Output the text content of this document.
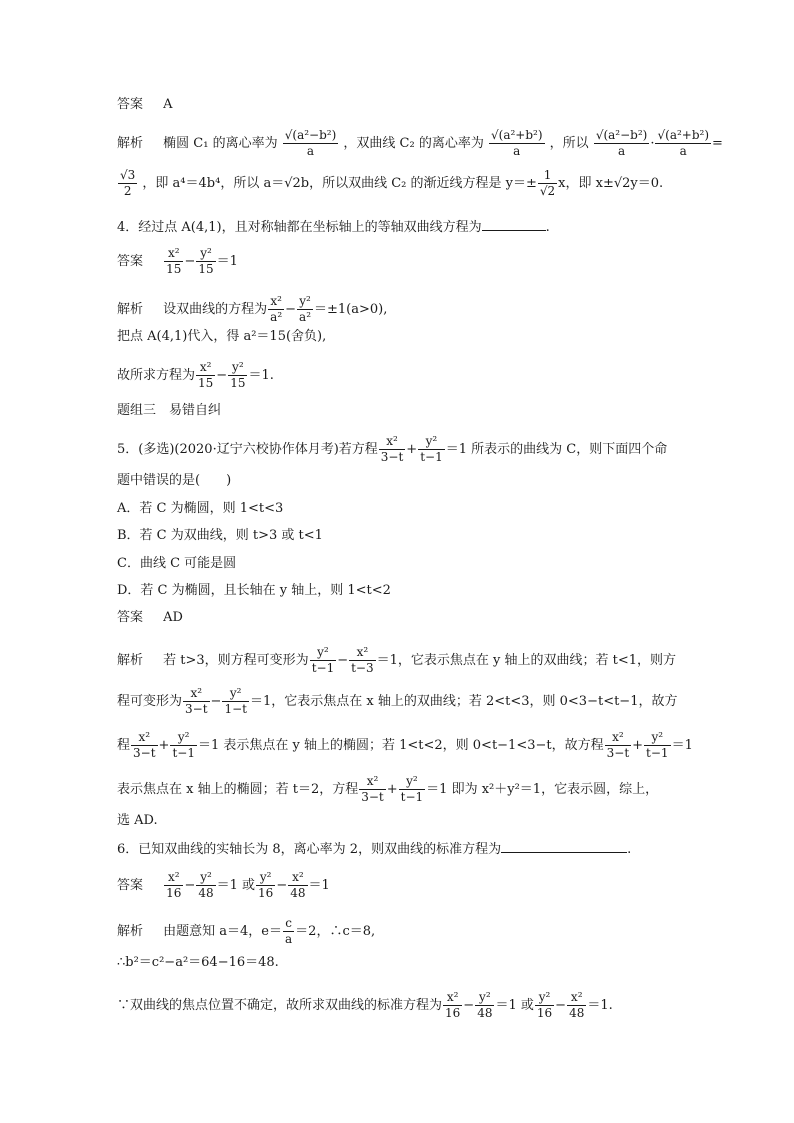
答案 A
解析 椭圆 C₁ 的离心率为 $\frac{\text{√(a²−b²)}}{a}$ ，双曲线 C₂ 的离心率为 $\frac{\text{√(a²+b²)}}{a}$ ，所以 $\frac{\text{√(a²−b²)}}{a} \cdot \frac{\text{√(a²+b²)}}{a}$ =
$\frac{√3}{2}$ ，即 a⁴＝4b⁴，所以 a＝√2b，所以双曲线 C₂ 的渐近线方程是 $y=\pm \frac{1}{√2}$ x，即 x±√2y＝0.
4．经过点 A(4,1)，且对称轴都在坐标轴上的等轴双曲线方程为	.
答案 $\frac{\text{x²}}{15} - \frac{\text{y²}}{15} =1$
解析 设双曲线的方程为 $\frac{\text{x²}}{\text{a²}} - \frac{\text{y²}}{\text{a²}} =\pm 1(a>0)$,
把点 A(4,1)代入，得 a²＝15(舍负),
故所求方程为 $\frac{\text{x²}}{15} - \frac{\text{y²}}{15} =1$.
题组三　易错自纠
5．(多选)(2020·辽宁六校协作体月考)若方程 $\frac{\text{x²}}{3-t} + \frac{\text{y²}}{t-1} =1$ 所表示的曲线为 C，则下面四个命
题中错误的是(　　)
A．若 C 为椭圆，则 1<t<3
B．若 C 为双曲线，则 t>3 或 t<1
C．曲线 C 可能是圆
D．若 C 为椭圆，且长轴在 y 轴上，则 1<t<2
答案 AD
解析 若 t>3，则方程可变形为 $\frac{\text{y²}}{t-1} - \frac{\text{x²}}{t-3} =1$，它表示焦点在 y 轴上的双曲线；若 t<1，则方
程可变形为 $\frac{\text{x²}}{3-t} - \frac{\text{y²}}{1-t} =1$，它表示焦点在 x 轴上的双曲线；若 2<t<3，则 0<3−t<t−1，故方
程 $\frac{\text{x²}}{3-t} + \frac{\text{y²}}{t-1} =1$ 表示焦点在 y 轴上的椭圆；若 1<t<2，则 0<t−1<3−t，故方程 $\frac{\text{x²}}{3-t} + \frac{\text{y²}}{t-1} =1$
表示焦点在 x 轴上的椭圆；若 t＝2，方程 $\frac{\text{x²}}{3-t} + \frac{\text{y²}}{t-1} =1$ 即为 x²＋y²＝1，它表示圆，综上，
选 AD.
6．已知双曲线的实轴长为 8，离心率为 2，则双曲线的标准方程为	.
答案 $\frac{\text{x²}}{16} - \frac{\text{y²}}{48} =1$ 或 $\frac{\text{y²}}{16} - \frac{\text{x²}}{48} =1$
解析 由题意知 a＝4，$e= \frac{c}{a} =2$，∴c＝8,
∴b²＝c²−a²＝64−16＝48.
∵双曲线的焦点位置不确定，故所求双曲线的标准方程为 $\frac{\text{x²}}{16} - \frac{\text{y²}}{48} =1$ 或 $\frac{\text{y²}}{16} - \frac{\text{x²}}{48} =1$.
